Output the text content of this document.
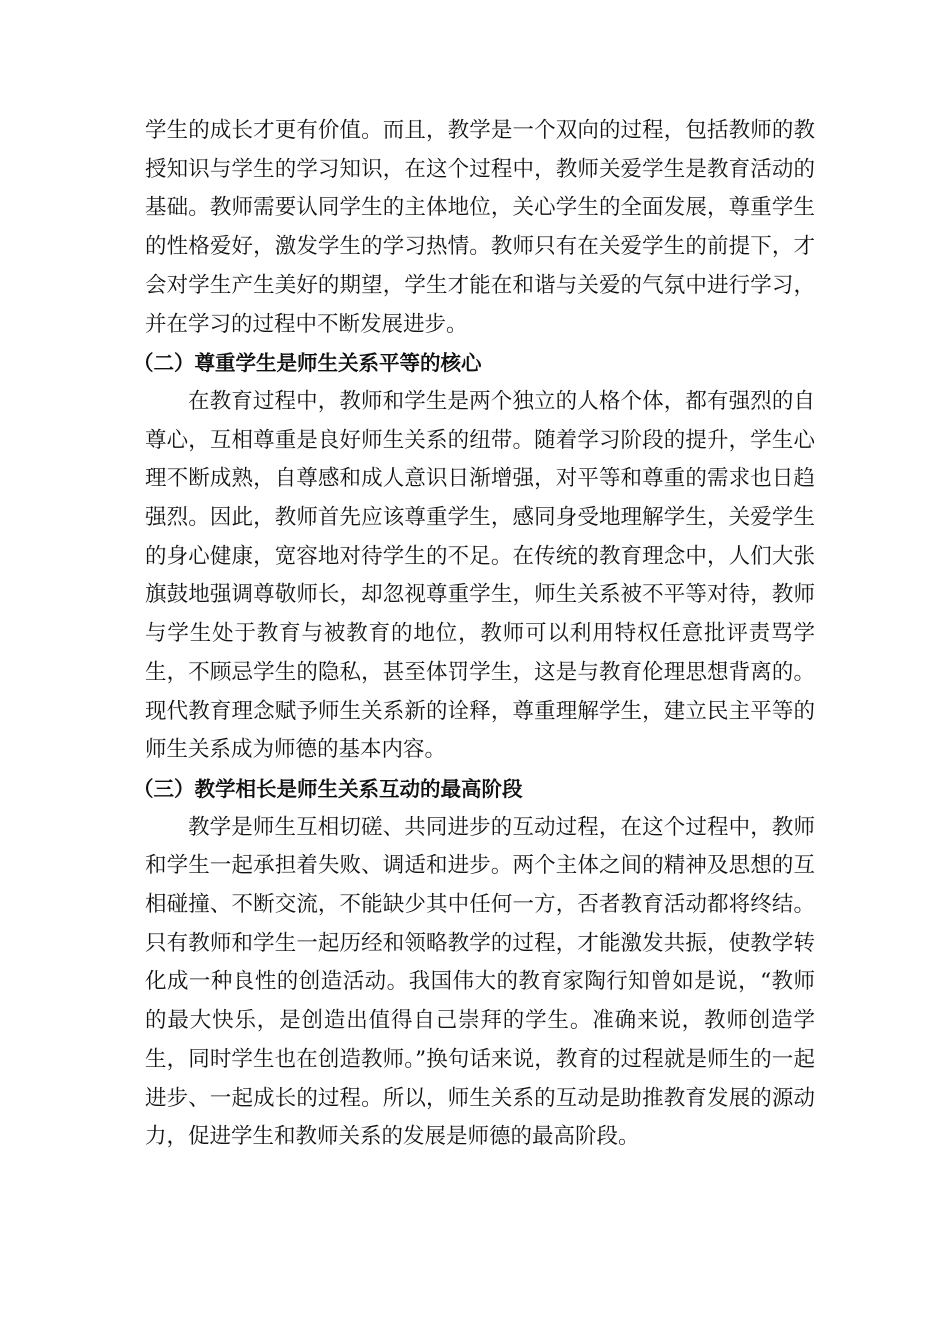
学生的成长才更有价值。而且，教学是一个双向的过程，包括教师的教授知识与学生的学习知识，在这个过程中，教师关爱学生是教育活动的基础。教师需要认同学生的主体地位，关心学生的全面发展，尊重学生的性格爱好，激发学生的学习热情。教师只有在关爱学生的前提下，才会对学生产生美好的期望，学生才能在和谐与关爱的气氛中进行学习，并在学习的过程中不断发展进步。

（二）尊重学生是师生关系平等的核心

在教育过程中，教师和学生是两个独立的人格个体，都有强烈的自尊心，互相尊重是良好师生关系的纽带。随着学习阶段的提升，学生心理不断成熟，自尊感和成人意识日渐增强，对平等和尊重的需求也日趋强烈。因此，教师首先应该尊重学生，感同身受地理解学生，关爱学生的身心健康，宽容地对待学生的不足。在传统的教育理念中，人们大张旗鼓地强调尊敬师长，却忽视尊重学生，师生关系被不平等对待，教师与学生处于教育与被教育的地位，教师可以利用特权任意批评责骂学生，不顾忌学生的隐私，甚至体罚学生，这是与教育伦理思想背离的。现代教育理念赋予师生关系新的诠释，尊重理解学生，建立民主平等的师生关系成为师德的基本内容。

（三）教学相长是师生关系互动的最高阶段

教学是师生互相切磋、共同进步的互动过程，在这个过程中，教师和学生一起承担着失败、调适和进步。两个主体之间的精神及思想的互相碰撞、不断交流，不能缺少其中任何一方，否者教育活动都将终结。只有教师和学生一起历经和领略教学的过程，才能激发共振，使教学转化成一种良性的创造活动。我国伟大的教育家陶行知曾如是说，“教师的最大快乐，是创造出值得自己崇拜的学生。准确来说，教师创造学生，同时学生也在创造教师。”换句话来说，教育的过程就是师生的一起进步、一起成长的过程。所以，师生关系的互动是助推教育发展的源动力，促进学生和教师关系的发展是师德的最高阶段。
